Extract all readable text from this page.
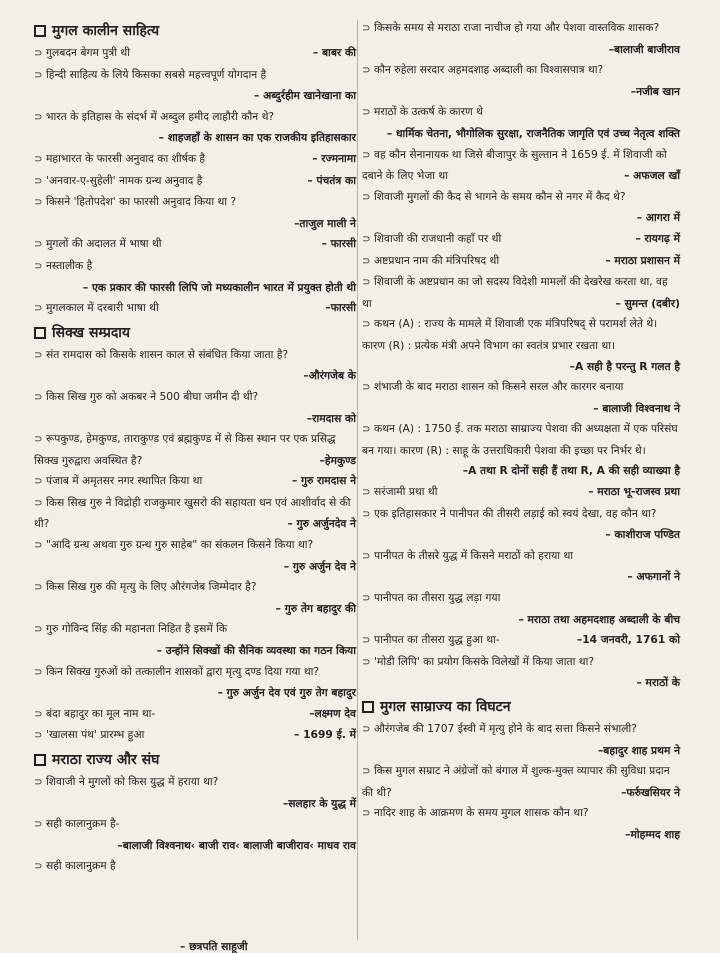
मुगल कालीन साहित्य
⊃गुलबदन बेगम पुत्री थी	– बाबर की
⊃हिन्दी साहित्य के लिये किसका सबसे महत्त्वपूर्ण योगदान है
– अब्दुर्रहीम खानेखाना का
⊃भारत के इतिहास के संदर्भ में अब्दुल हमीद लाहौरी कौन थे?
– शाहजहाँ के शासन का एक राजकीय इतिहासकार
⊃महाभारत के फारसी अनुवाद का शीर्षक है	– रज्मनामा
⊃'अनवार-ए-सुहेली' नामक ग्रन्थ अनुवाद है	– पंचतंत्र का
⊃किसने 'हितोपदेश' का फारसी अनुवाद किया था ?
–ताजुल माली ने
⊃मुगलों की अदालत में भाषा थी	– फारसी
⊃नस्तालीक है
– एक प्रकार की फारसी लिपि जो मध्यकालीन भारत में प्रयुक्त होती थी
⊃मुगलकाल में दरबारी भाषा थी	–फारसी
सिक्ख सम्प्रदाय
⊃संत रामदास को किसके शासन काल से संबंधित किया जाता है?
–औरंगजेब के
⊃किस सिख गुरु को अकबर ने 500 बीघा जमीन दी थी?
–रामदास को
⊃रूपकुण्ड, हेमकुण्ड, ताराकुण्ड एवं ब्रह्मकुण्ड में से किस स्थान पर एक प्रसिद्ध सिक्ख गुरुद्वारा अवस्थित है?	–हेमकुण्ड
⊃पंजाब में अमृतसर नगर स्थापित किया था	– गुरु रामदास ने
⊃किस सिख गुरु ने विद्रोही राजकुमार खुसरो की सहायता धन एवं आशीर्वाद से की थी?	– गुरु अर्जुनदेव ने
⊃"आदि ग्रन्थ अथवा गुरु ग्रन्थ गुरु साहेब" का संकलन किसने किया था?
– गुरु अर्जुन देव ने
⊃किस सिख गुरु की मृत्यु के लिए औरंगजेब जिम्मेदार है?
– गुरु तेग बहादुर की
⊃गुरु गोविन्द सिंह की महानता निहित है इसमें कि
– उन्होंने सिक्खों की सैनिक व्यवस्था का गठन किया
⊃किन सिक्ख गुरुओं को तत्कालीन शासकों द्वारा मृत्यु दण्ड दिया गया था?
– गुरु अर्जुन देव एवं गुरु तेग बहादुर
⊃बंदा बहादुर का मूल नाम था-	–लक्ष्मण देव
⊃'खालसा पंथ' प्रारम्भ हुआ	– 1699 ई. में
मराठा राज्य और संघ
⊃शिवाजी ने मुगलों को किस युद्ध में हराया था?
–सलहार के युद्ध में
⊃सही कालानुक्रम है-
–बालाजी विश्वनाथ‹ बाजी राव‹ बालाजी बाजीराव‹ माधव राव
⊃सही कालानुक्रम है
⊃किसके समय से मराठा राजा नाचीज हो गया और पेशवा वास्तविक शासक?
–बालाजी बाजीराव
⊃कौन रुहेला सरदार अहमदशाह अब्दाली का विश्वासपात्र था?
–नजीब खान
⊃मराठों के उत्कर्ष के कारण थे
– धार्मिक चेतना, भौगोलिक सुरक्षा, राजनैतिक जागृति एवं उच्च नेतृत्व शक्ति
⊃वह कौन सेनानायक था जिसे बीजापुर के सुल्तान ने 1659 ई. में शिवाजी को दबाने के लिए भेजा था	– अफजल खाँ
⊃शिवाजी मुगलों की कैद से भागने के समय कौन से नगर में कैद थे?
– आगरा में
⊃शिवाजी की राजधानी कहाँ पर थी	– रायगढ़ में
⊃अष्टप्रधान नाम की मंत्रिपरिषद थी	– मराठा प्रशासन में
⊃शिवाजी के अष्टप्रधान का जो सदस्य विदेशी मामलों की देखरेख करता था, वह था	– सुमन्त (दबीर)
⊃कथन (A) : राज्य के मामले में शिवाजी एक मंत्रिपरिषद् से परामर्श लेते थे। कारण (R) : प्रत्येक मंत्री अपने विभाग का स्वतंत्र प्रभार रखता था।
–A सही है परन्तु R गलत है
⊃शंभाजी के बाद मराठा शासन को किसने सरल और कारगर बनाया
– बालाजी विश्वनाथ ने
⊃कथन (A) : 1750 ई. तक मराठा साम्राज्य पेशवा की अध्यक्षता में एक परिसंघ बन गया। कारण (R) : साहू के उत्तराधिकारी पेशवा की इच्छा पर निर्भर थे।
–A तथा R दोनों सही हैं तथा R, A की सही व्याख्या है
⊃सरंजामी प्रथा थी	– मराठा भू-राजस्व प्रथा
⊃एक इतिहासकार ने पानीपत की तीसरी लड़ाई को स्वयं देखा, वह कौन था?
– काशीराज पण्डित
⊃पानीपत के तीसरे युद्ध में किसने मराठों को हराया था
– अफगानों ने
⊃पानीपत का तीसरा युद्ध लड़ा गया
– मराठा तथा अहमदशाह अब्दाली के बीच
⊃पानीपत का तीसरा युद्ध हुआ था-	–14 जनवरी, 1761 को
⊃'मोडी लिपि' का प्रयोग किसके विलेखों में किया जाता था?
– मराठों के
मुगल साम्राज्य का विघटन
⊃औरंगजेब की 1707 ईस्वी में मृत्यु होने के बाद सत्ता किसने संभाली?
–बहादुर शाह प्रथम ने
⊃किस मुगल सम्राट ने अंग्रेजों को बंगाल में शुल्क-मुक्त व्यापार की सुविधा प्रदान की थी?	–फर्रुखसियर ने
⊃नादिर शाह के आक्रमण के समय मुगल शासक कौन था?
–मोहम्मद शाह
– छत्रपति साहूजी
